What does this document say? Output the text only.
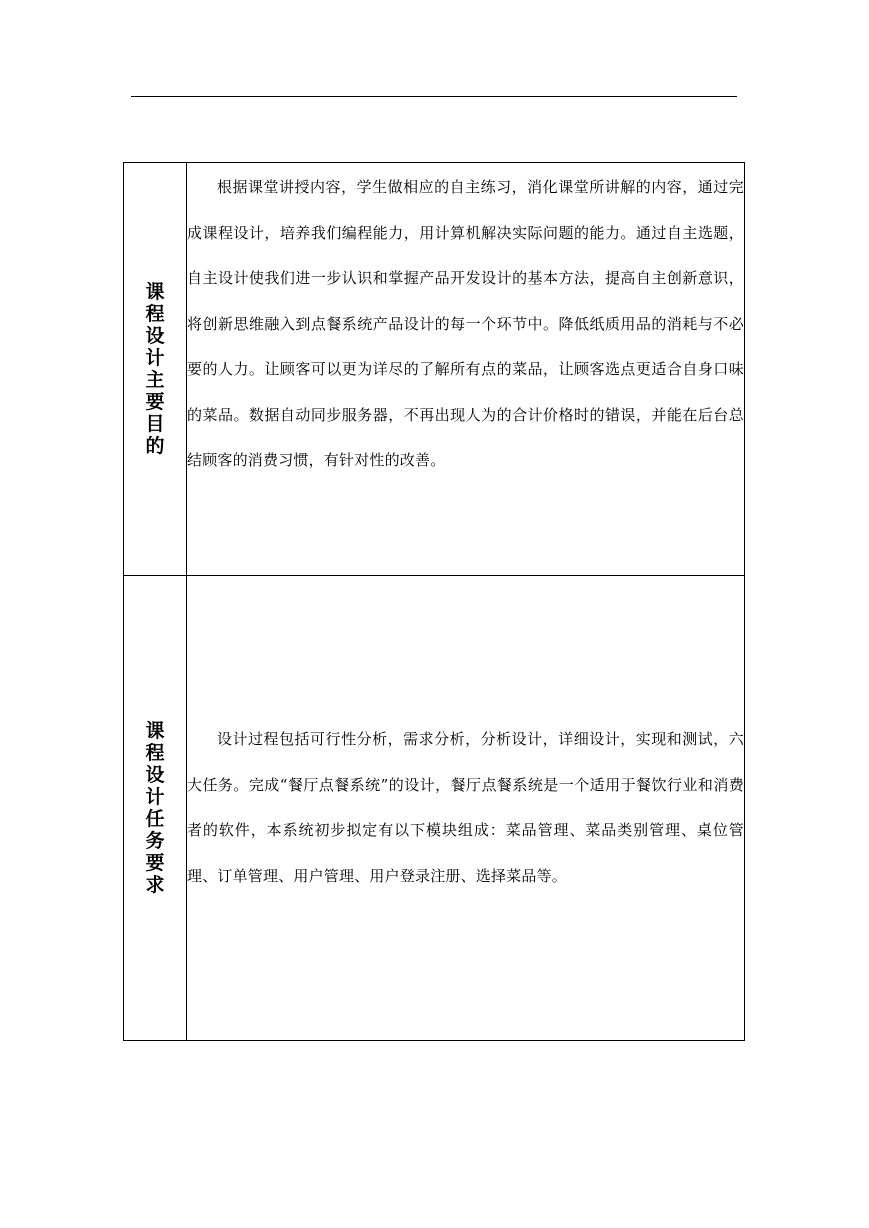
课程设计主要目的	根据课堂讲授内容，学生做相应的自主练习，消化课堂所讲解的内容，通过完成课程设计，培养我们编程能力，用计算机解决实际问题的能力。通过自主选题，自主设计使我们进一步认识和掌握产品开发设计的基本方法，提高自主创新意识，将创新思维融入到点餐系统产品设计的每一个环节中。降低纸质用品的消耗与不必要的人力。让顾客可以更为详尽的了解所有点的菜品，让顾客选点更适合自身口味的菜品。数据自动同步服务器，不再出现人为的合计价格时的错误，并能在后台总结顾客的消费习惯，有针对性的改善。

课程设计任务要求	设计过程包括可行性分析，需求分析，分析设计，详细设计，实现和测试，六大任务。完成“餐厅点餐系统”的设计，餐厅点餐系统是一个适用于餐饮行业和消费者的软件，本系统初步拟定有以下模块组成：菜品管理、菜品类别管理、桌位管理、订单管理、用户管理、用户登录注册、选择菜品等。
